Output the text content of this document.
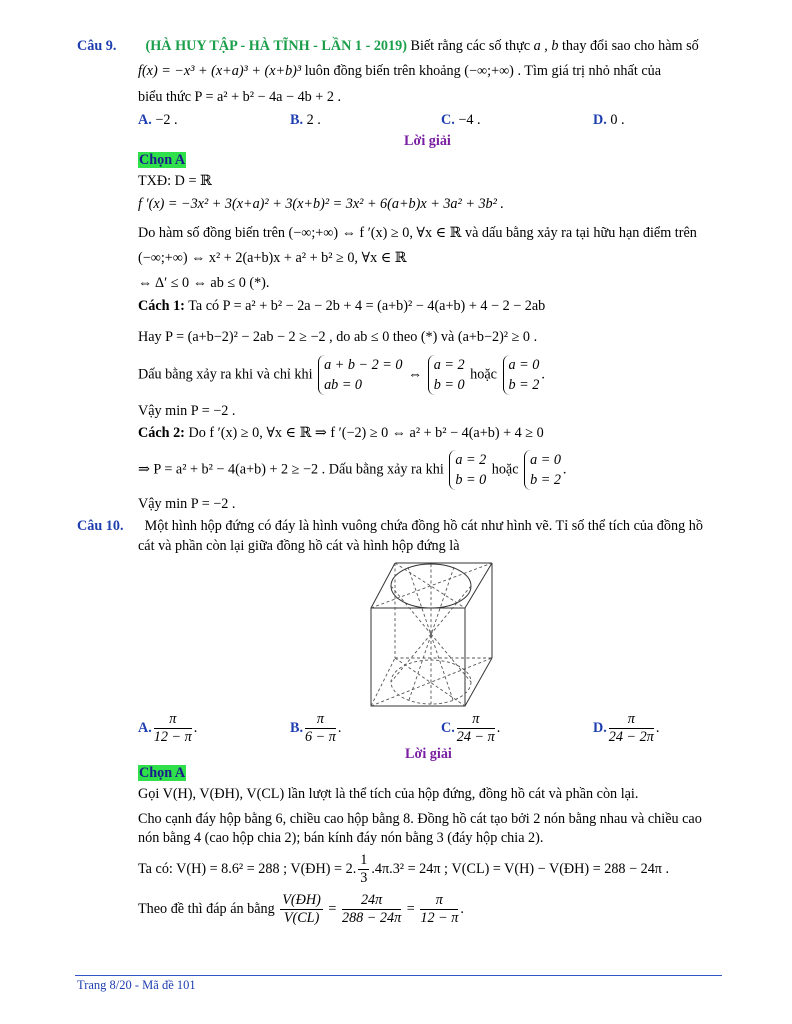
Câu 9. (HÀ HUY TẬP - HÀ TĨNH - LẦN 1 - 2019) Biết rằng các số thực a , b thay đổi sao cho hàm số
f(x) = −x³ + (x+a)³ + (x+b)³ luôn đồng biến trên khoảng (−∞;+∞) . Tìm giá trị nhỏ nhất của
biểu thức P = a² + b² − 4a − 4b + 2 .
A. −2 .	B. 2 .	C. −4 .	D. 0 .
Lời giải
Chọn A
TXĐ: D = ℝ
f ′(x) = −3x² + 3(x+a)² + 3(x+b)² = 3x² + 6(a+b)x + 3a² + 3b² .
Do hàm số đồng biến trên (−∞;+∞) ⇔ f ′(x) ≥ 0, ∀x ∈ ℝ và dấu bằng xảy ra tại hữu hạn điểm trên
(−∞;+∞) ⇔ x² + 2(a+b)x + a² + b² ≥ 0, ∀x ∈ ℝ
⇔ Δ′ ≤ 0 ⇔ ab ≤ 0 (*).
Cách 1: Ta có P = a² + b² − 2a − 2b + 4 = (a+b)² − 4(a+b) + 4 − 2 − 2ab
Hay P = (a+b−2)² − 2ab − 2 ≥ −2 , do ab ≤ 0 theo (*) và (a+b−2)² ≥ 0 .
Dấu bằng xảy ra khi và chỉ khi
a + b − 2 = 0
ab = 0
⇔
a = 2
b = 0
hoặc
a = 0
b = 2
.
Vậy min P = −2 .
Cách 2: Do f ′(x) ≥ 0, ∀x ∈ ℝ ⇒ f ′(−2) ≥ 0 ⇔ a² + b² − 4(a+b) + 4 ≥ 0
⇒ P = a² + b² − 4(a+b) + 2 ≥ −2 . Dấu bằng xảy ra khi
a = 2
b = 0
hoặc
a = 0
b = 2
.
Vậy min P = −2 .
Câu 10. Một hình hộp đứng có đáy là hình vuông chứa đồng hồ cát như hình vẽ. Tỉ số thể tích của đồng hồ
cát và phần còn lại giữa đồng hồ cát và hình hộp đứng là
A. $\frac{\pi}{12 - \pi}$ .	B. $\frac{\pi}{6 - \pi}$ .	C. $\frac{\pi}{24 - \pi}$ .	D. $\frac{\pi}{24 - 2\pi}$ .
Lời giải
Chọn A
Gọi V(H), V(ĐH), V(CL) lần lượt là thể tích của hộp đứng, đồng hồ cát và phần còn lại.
Cho cạnh đáy hộp bằng 6, chiều cao hộp bằng 8. Đồng hồ cát tạo bởi 2 nón bằng nhau và chiều cao
nón bằng 4 (cao hộp chia 2); bán kính đáy nón bằng 3 (đáy hộp chia 2).
Ta có: V(H) = 8.6² = 288 ; V(ĐH) = 2. $\frac{1}{3} .4\pi.3^2 = 24\pi$ ; V(CL) = V(H) − V(ĐH) = 288 − 24π .
Theo đề thì đáp án bằng $\frac{V(ĐH)}{V(CL)} = \frac{24\pi}{288 - 24\pi} = \frac{\pi}{12 - \pi}$ .
Trang 8/20 - Mã đề 101
